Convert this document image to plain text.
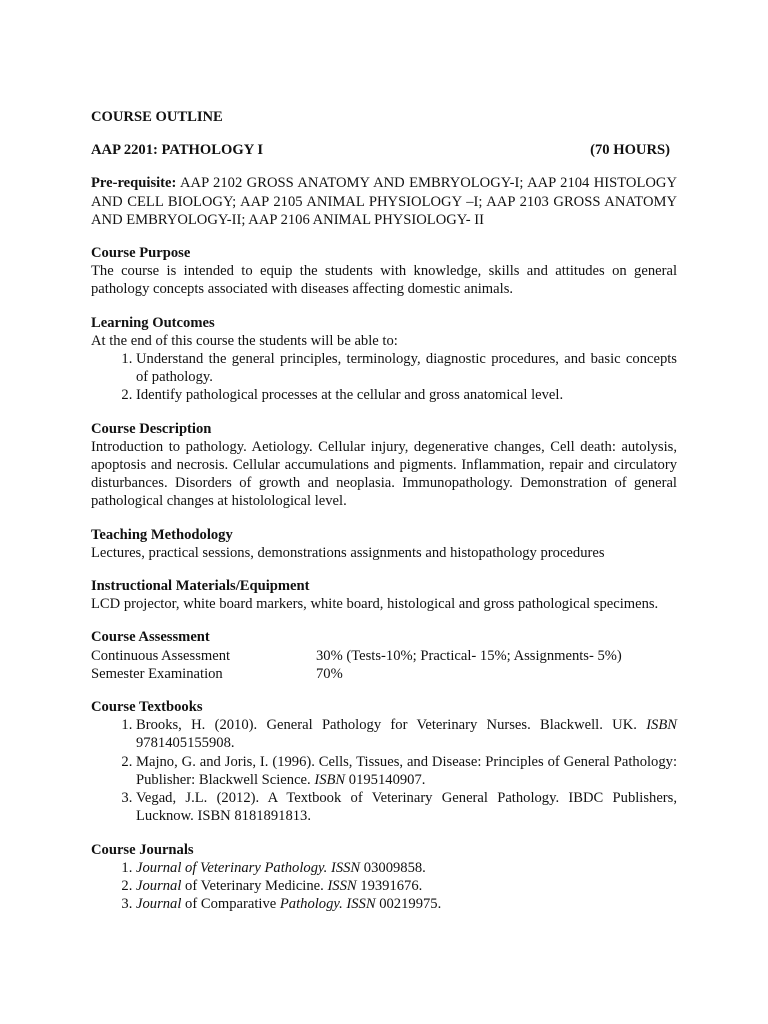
COURSE OUTLINE
AAP 2201: PATHOLOGY I	(70 HOURS)

Pre-requisite: AAP 2102 GROSS ANATOMY AND EMBRYOLOGY-I; AAP 2104 HISTOLOGY AND CELL BIOLOGY; AAP 2105 ANIMAL PHYSIOLOGY –I; AAP 2103 GROSS ANATOMY AND EMBRYOLOGY-II; AAP 2106 ANIMAL PHYSIOLOGY- II

Course Purpose

The course is intended to equip the students with knowledge, skills and attitudes on general pathology concepts associated with diseases affecting domestic animals.

Learning Outcomes

At the end of this course the students will be able to:

1. Understand the general principles, terminology, diagnostic procedures, and basic concepts of pathology.
2. Identify pathological processes at the cellular and gross anatomical level.
Course Description

Introduction to pathology. Aetiology. Cellular injury, degenerative changes, Cell death: autolysis, apoptosis and necrosis. Cellular accumulations and pigments. Inflammation, repair and circulatory disturbances. Disorders of growth and neoplasia. Immunopathology. Demonstration of general pathological changes at histolological level.

Teaching Methodology

Lectures, practical sessions, demonstrations assignments and histopathology procedures

Instructional Materials/Equipment

LCD projector, white board markers, white board, histological and gross pathological specimens.

Course Assessment
Continuous Assessment	30% (Tests-10%; Practical- 15%; Assignments- 5%)
Semester Examination	70%
Course Textbooks
1. Brooks, H. (2010). General Pathology for Veterinary Nurses. Blackwell. UK. ISBN 9781405155908.
2. Majno, G. and Joris, I. (1996). Cells, Tissues, and Disease: Principles of General Pathology: Publisher: Blackwell Science. ISBN 0195140907.
3. Vegad, J.L. (2012). A Textbook of Veterinary General Pathology. IBDC Publishers, Lucknow. ISBN 8181891813.
Course Journals
1. Journal of Veterinary Pathology. ISSN 03009858.
2. Journal of Veterinary Medicine. ISSN 19391676.
3. Journal of Comparative Pathology. ISSN 00219975.
